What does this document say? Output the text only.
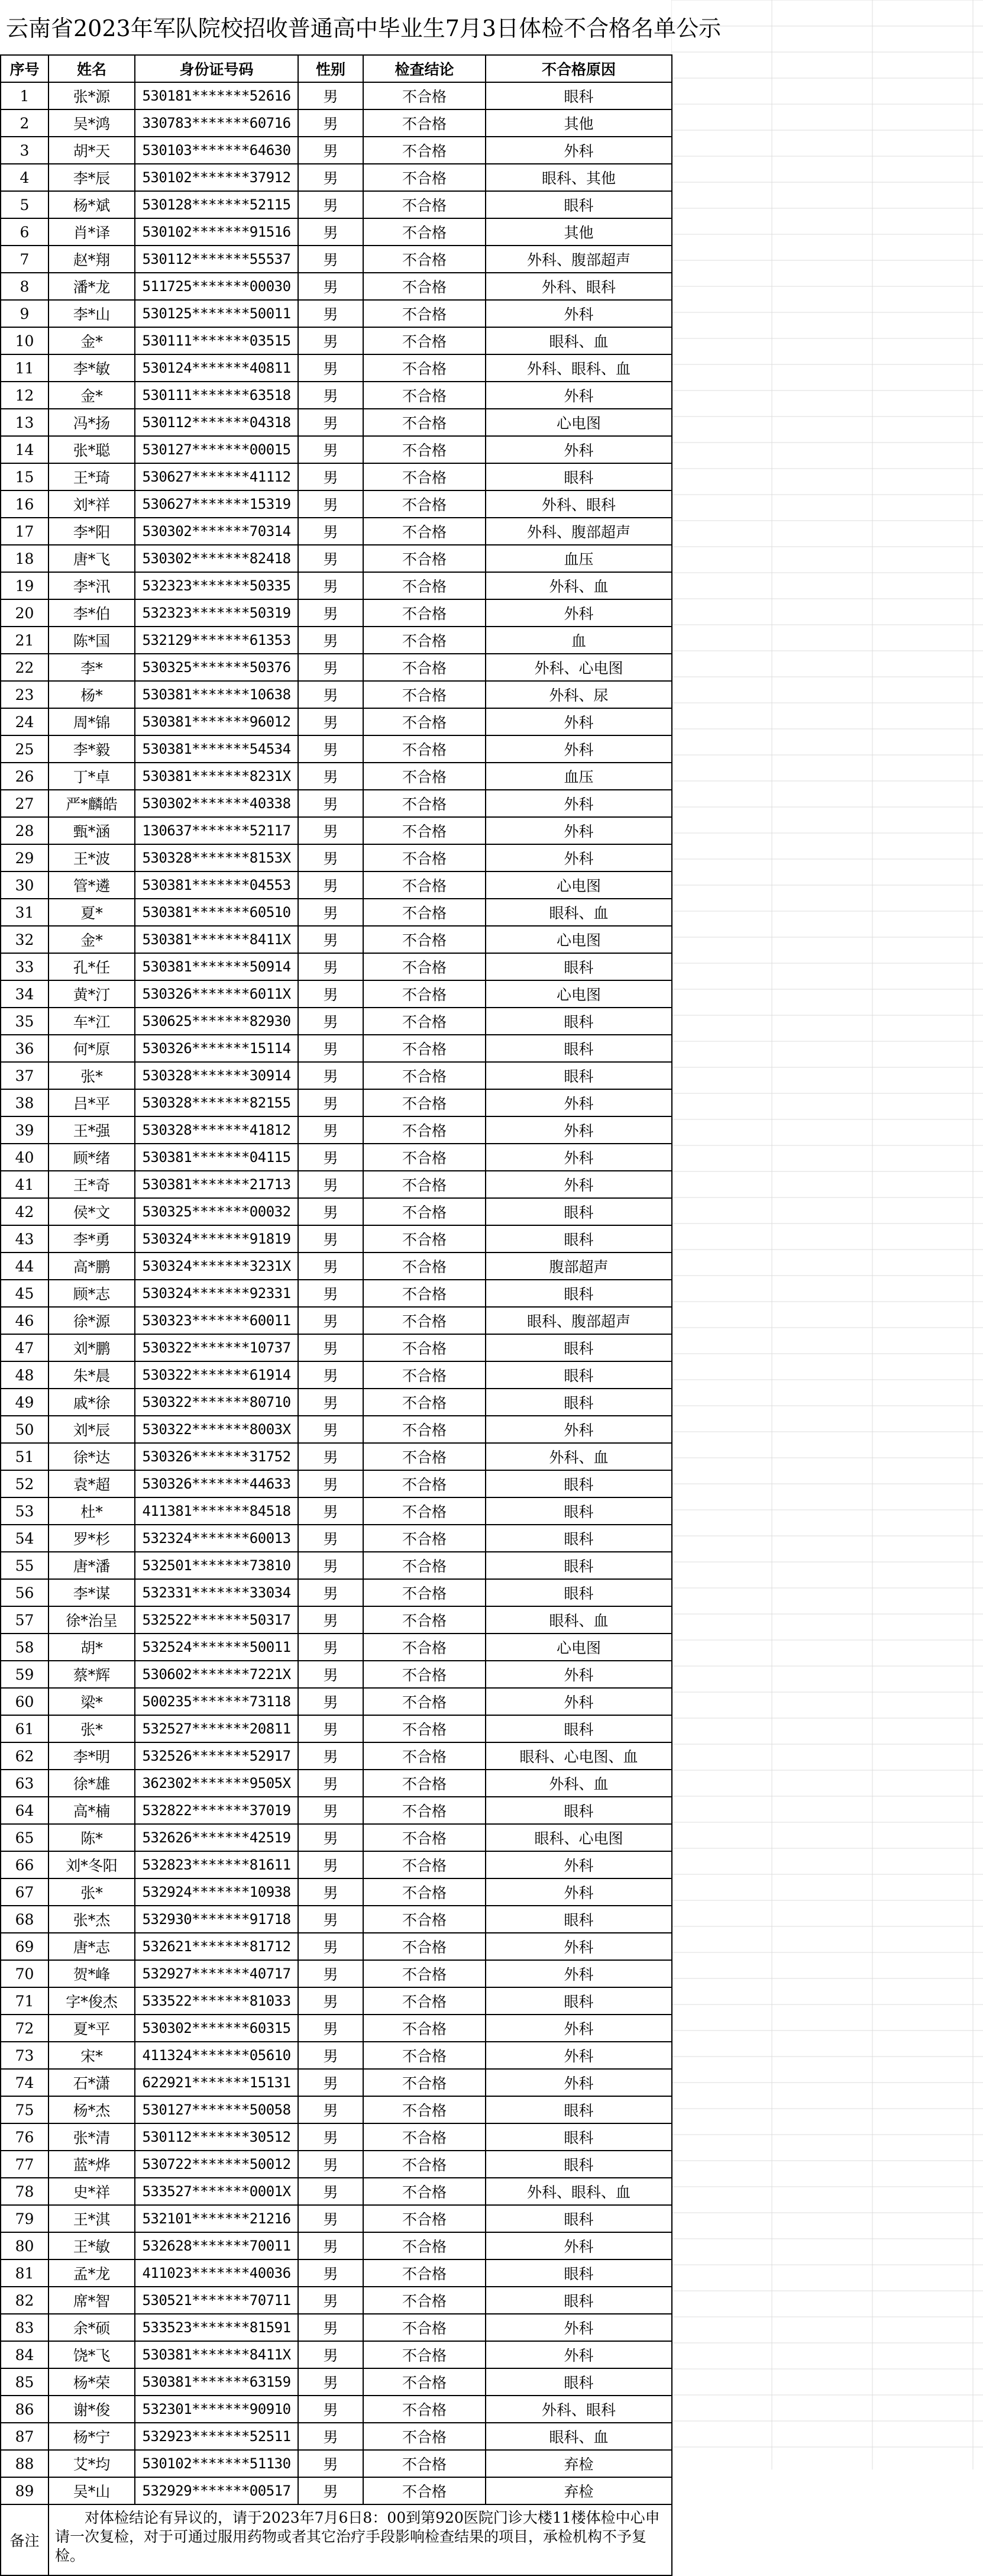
云南省2023年军队院校招收普通高中毕业生7月3日体检不合格名单公示
序号	姓名	身份证号码	性别	检查结论	不合格原因
1	张*源	530181*******52616	男	不合格	眼科
2	吴*鸿	330783*******60716	男	不合格	其他
3	胡*天	530103*******64630	男	不合格	外科
4	李*辰	530102*******37912	男	不合格	眼科、其他
5	杨*斌	530128*******52115	男	不合格	眼科
6	肖*译	530102*******91516	男	不合格	其他
7	赵*翔	530112*******55537	男	不合格	外科、腹部超声
8	潘*龙	511725*******00030	男	不合格	外科、眼科
9	李*山	530125*******50011	男	不合格	外科
10	金*	530111*******03515	男	不合格	眼科、血
11	李*敏	530124*******40811	男	不合格	外科、眼科、血
12	金*	530111*******63518	男	不合格	外科
13	冯*扬	530112*******04318	男	不合格	心电图
14	张*聪	530127*******00015	男	不合格	外科
15	王*琦	530627*******41112	男	不合格	眼科
16	刘*祥	530627*******15319	男	不合格	外科、眼科
17	李*阳	530302*******70314	男	不合格	外科、腹部超声
18	唐*飞	530302*******82418	男	不合格	血压
19	李*汛	532323*******50335	男	不合格	外科、血
20	李*伯	532323*******50319	男	不合格	外科
21	陈*国	532129*******61353	男	不合格	血
22	李*	530325*******50376	男	不合格	外科、心电图
23	杨*	530381*******10638	男	不合格	外科、尿
24	周*锦	530381*******96012	男	不合格	外科
25	李*毅	530381*******54534	男	不合格	外科
26	丁*卓	530381*******8231X	男	不合格	血压
27	严*麟皓	530302*******40338	男	不合格	外科
28	甄*涵	130637*******52117	男	不合格	外科
29	王*波	530328*******8153X	男	不合格	外科
30	管*遴	530381*******04553	男	不合格	心电图
31	夏*	530381*******60510	男	不合格	眼科、血
32	金*	530381*******8411X	男	不合格	心电图
33	孔*任	530381*******50914	男	不合格	眼科
34	黄*汀	530326*******6011X	男	不合格	心电图
35	车*江	530625*******82930	男	不合格	眼科
36	何*原	530326*******15114	男	不合格	眼科
37	张*	530328*******30914	男	不合格	眼科
38	吕*平	530328*******82155	男	不合格	外科
39	王*强	530328*******41812	男	不合格	外科
40	顾*绪	530381*******04115	男	不合格	外科
41	王*奇	530381*******21713	男	不合格	外科
42	侯*文	530325*******00032	男	不合格	眼科
43	李*勇	530324*******91819	男	不合格	眼科
44	高*鹏	530324*******3231X	男	不合格	腹部超声
45	顾*志	530324*******92331	男	不合格	眼科
46	徐*源	530323*******60011	男	不合格	眼科、腹部超声
47	刘*鹏	530322*******10737	男	不合格	眼科
48	朱*晨	530322*******61914	男	不合格	眼科
49	戚*徐	530322*******80710	男	不合格	眼科
50	刘*辰	530322*******8003X	男	不合格	外科
51	徐*达	530326*******31752	男	不合格	外科、血
52	袁*超	530326*******44633	男	不合格	眼科
53	杜*	411381*******84518	男	不合格	眼科
54	罗*杉	532324*******60013	男	不合格	眼科
55	唐*潘	532501*******73810	男	不合格	眼科
56	李*谋	532331*******33034	男	不合格	眼科
57	徐*治呈	532522*******50317	男	不合格	眼科、血
58	胡*	532524*******50011	男	不合格	心电图
59	蔡*辉	530602*******7221X	男	不合格	外科
60	梁*	500235*******73118	男	不合格	外科
61	张*	532527*******20811	男	不合格	眼科
62	李*明	532526*******52917	男	不合格	眼科、心电图、血
63	徐*雄	362302*******9505X	男	不合格	外科、血
64	高*楠	532822*******37019	男	不合格	眼科
65	陈*	532626*******42519	男	不合格	眼科、心电图
66	刘*冬阳	532823*******81611	男	不合格	外科
67	张*	532924*******10938	男	不合格	外科
68	张*杰	532930*******91718	男	不合格	眼科
69	唐*志	532621*******81712	男	不合格	外科
70	贺*峰	532927*******40717	男	不合格	外科
71	字*俊杰	533522*******81033	男	不合格	眼科
72	夏*平	530302*******60315	男	不合格	外科
73	宋*	411324*******05610	男	不合格	外科
74	石*潇	622921*******15131	男	不合格	外科
75	杨*杰	530127*******50058	男	不合格	眼科
76	张*清	530112*******30512	男	不合格	眼科
77	蓝*烨	530722*******50012	男	不合格	眼科
78	史*祥	533527*******0001X	男	不合格	外科、眼科、血
79	王*淇	532101*******21216	男	不合格	眼科
80	王*敏	532628*******70011	男	不合格	外科
81	孟*龙	411023*******40036	男	不合格	眼科
82	席*智	530521*******70711	男	不合格	眼科
83	余*硕	533523*******81591	男	不合格	外科
84	饶*飞	530381*******8411X	男	不合格	外科
85	杨*荣	530381*******63159	男	不合格	眼科
86	谢*俊	532301*******90910	男	不合格	外科、眼科
87	杨*宁	532923*******52511	男	不合格	眼科、血
88	艾*均	530102*******51130	男	不合格	弃检
89	吴*山	532929*******00517	男	不合格	弃检
备注	对体检结论有异议的，请于2023年7月6日8：00到第920医院门诊大楼11楼体检中心申请一次复检，对于可通过服用药物或者其它治疗手段影响检查结果的项目，承检机构不予复检。				
